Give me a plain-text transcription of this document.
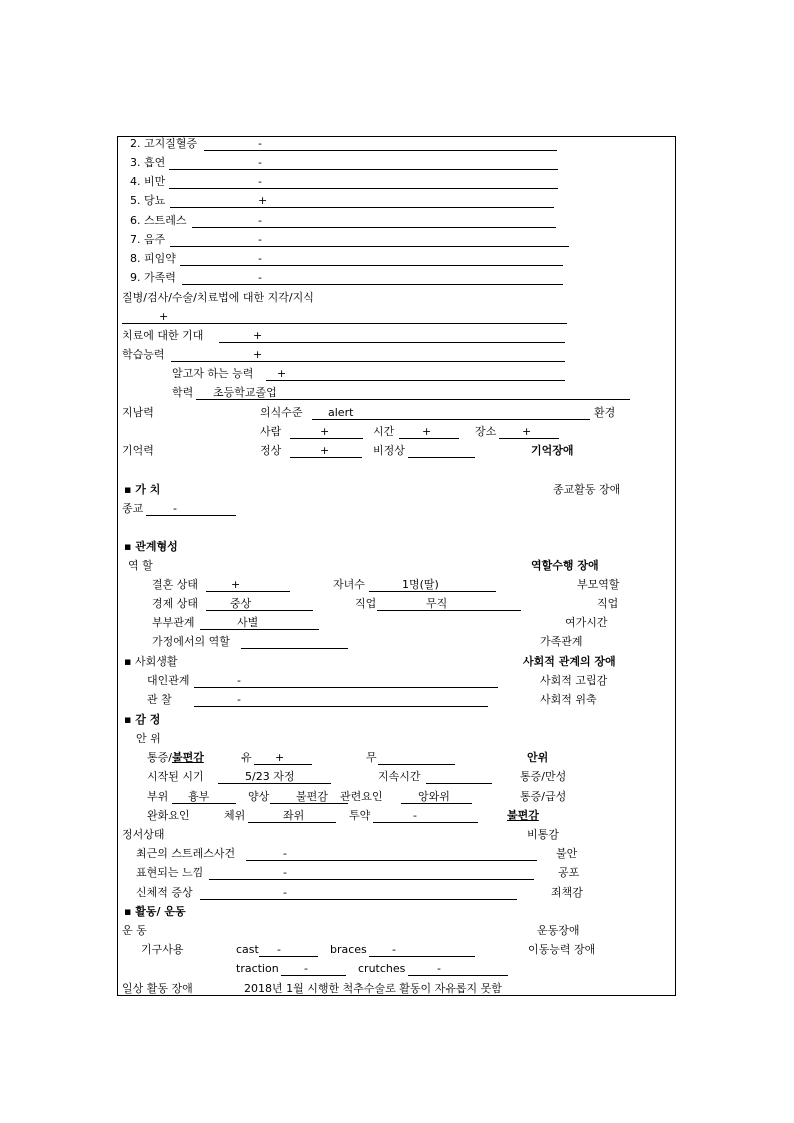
2. 고지질혈증	-
3. 흡연	-
4. 비만	-
5. 당뇨	+
6. 스트레스	-
7. 음주	-
8. 피임약	-
9. 가족력	-
질병/검사/수술/치료법에 대한 지각/지식
+
치료에 대한 기대	+
학습능력	+
알고자 하는 능력 +
학력 초등학교졸업
지남력	의식수준 alert	환경
사람	+	시간	+	장소 +
기억력	정상	+	비정상	기억장애
▪ 가 치	종교활동 장애
종교	-
▪ 관계형성
역 할	역할수행 장애
결혼 상태	+	자녀수	1명(딸)	부모역할
경제 상태	중상	직업	무직	직업
부부관계	사별	여가시간
가정에서의 역할	가족관계
▪ 사회생활	사회적 관계의 장애
대인관계	-	사회적 고립감
관 찰	-	사회적 위축
▪ 감 정
안 위
통증/불편감	유 +	무	안위
시작된 시기	5/23 자정	지속시간	통증/만성
부위 흉부	양상 불편감 관련요인	앙와위	통증/급성
완화요인	체위	좌위	투약	-	불편감
정서상태	비통감
최근의 스트레스사건	-	불안
표현되는 느낌	-	공포
신체적 증상	-	죄책감
▪ 활동/ 운동
운 동	운동장애
기구사용	cast -	braces -	이동능력 장애
traction -	crutches	-
일상 활동 장애	2018년 1월 시행한 척추수술로 활동이 자유롭지 못함
